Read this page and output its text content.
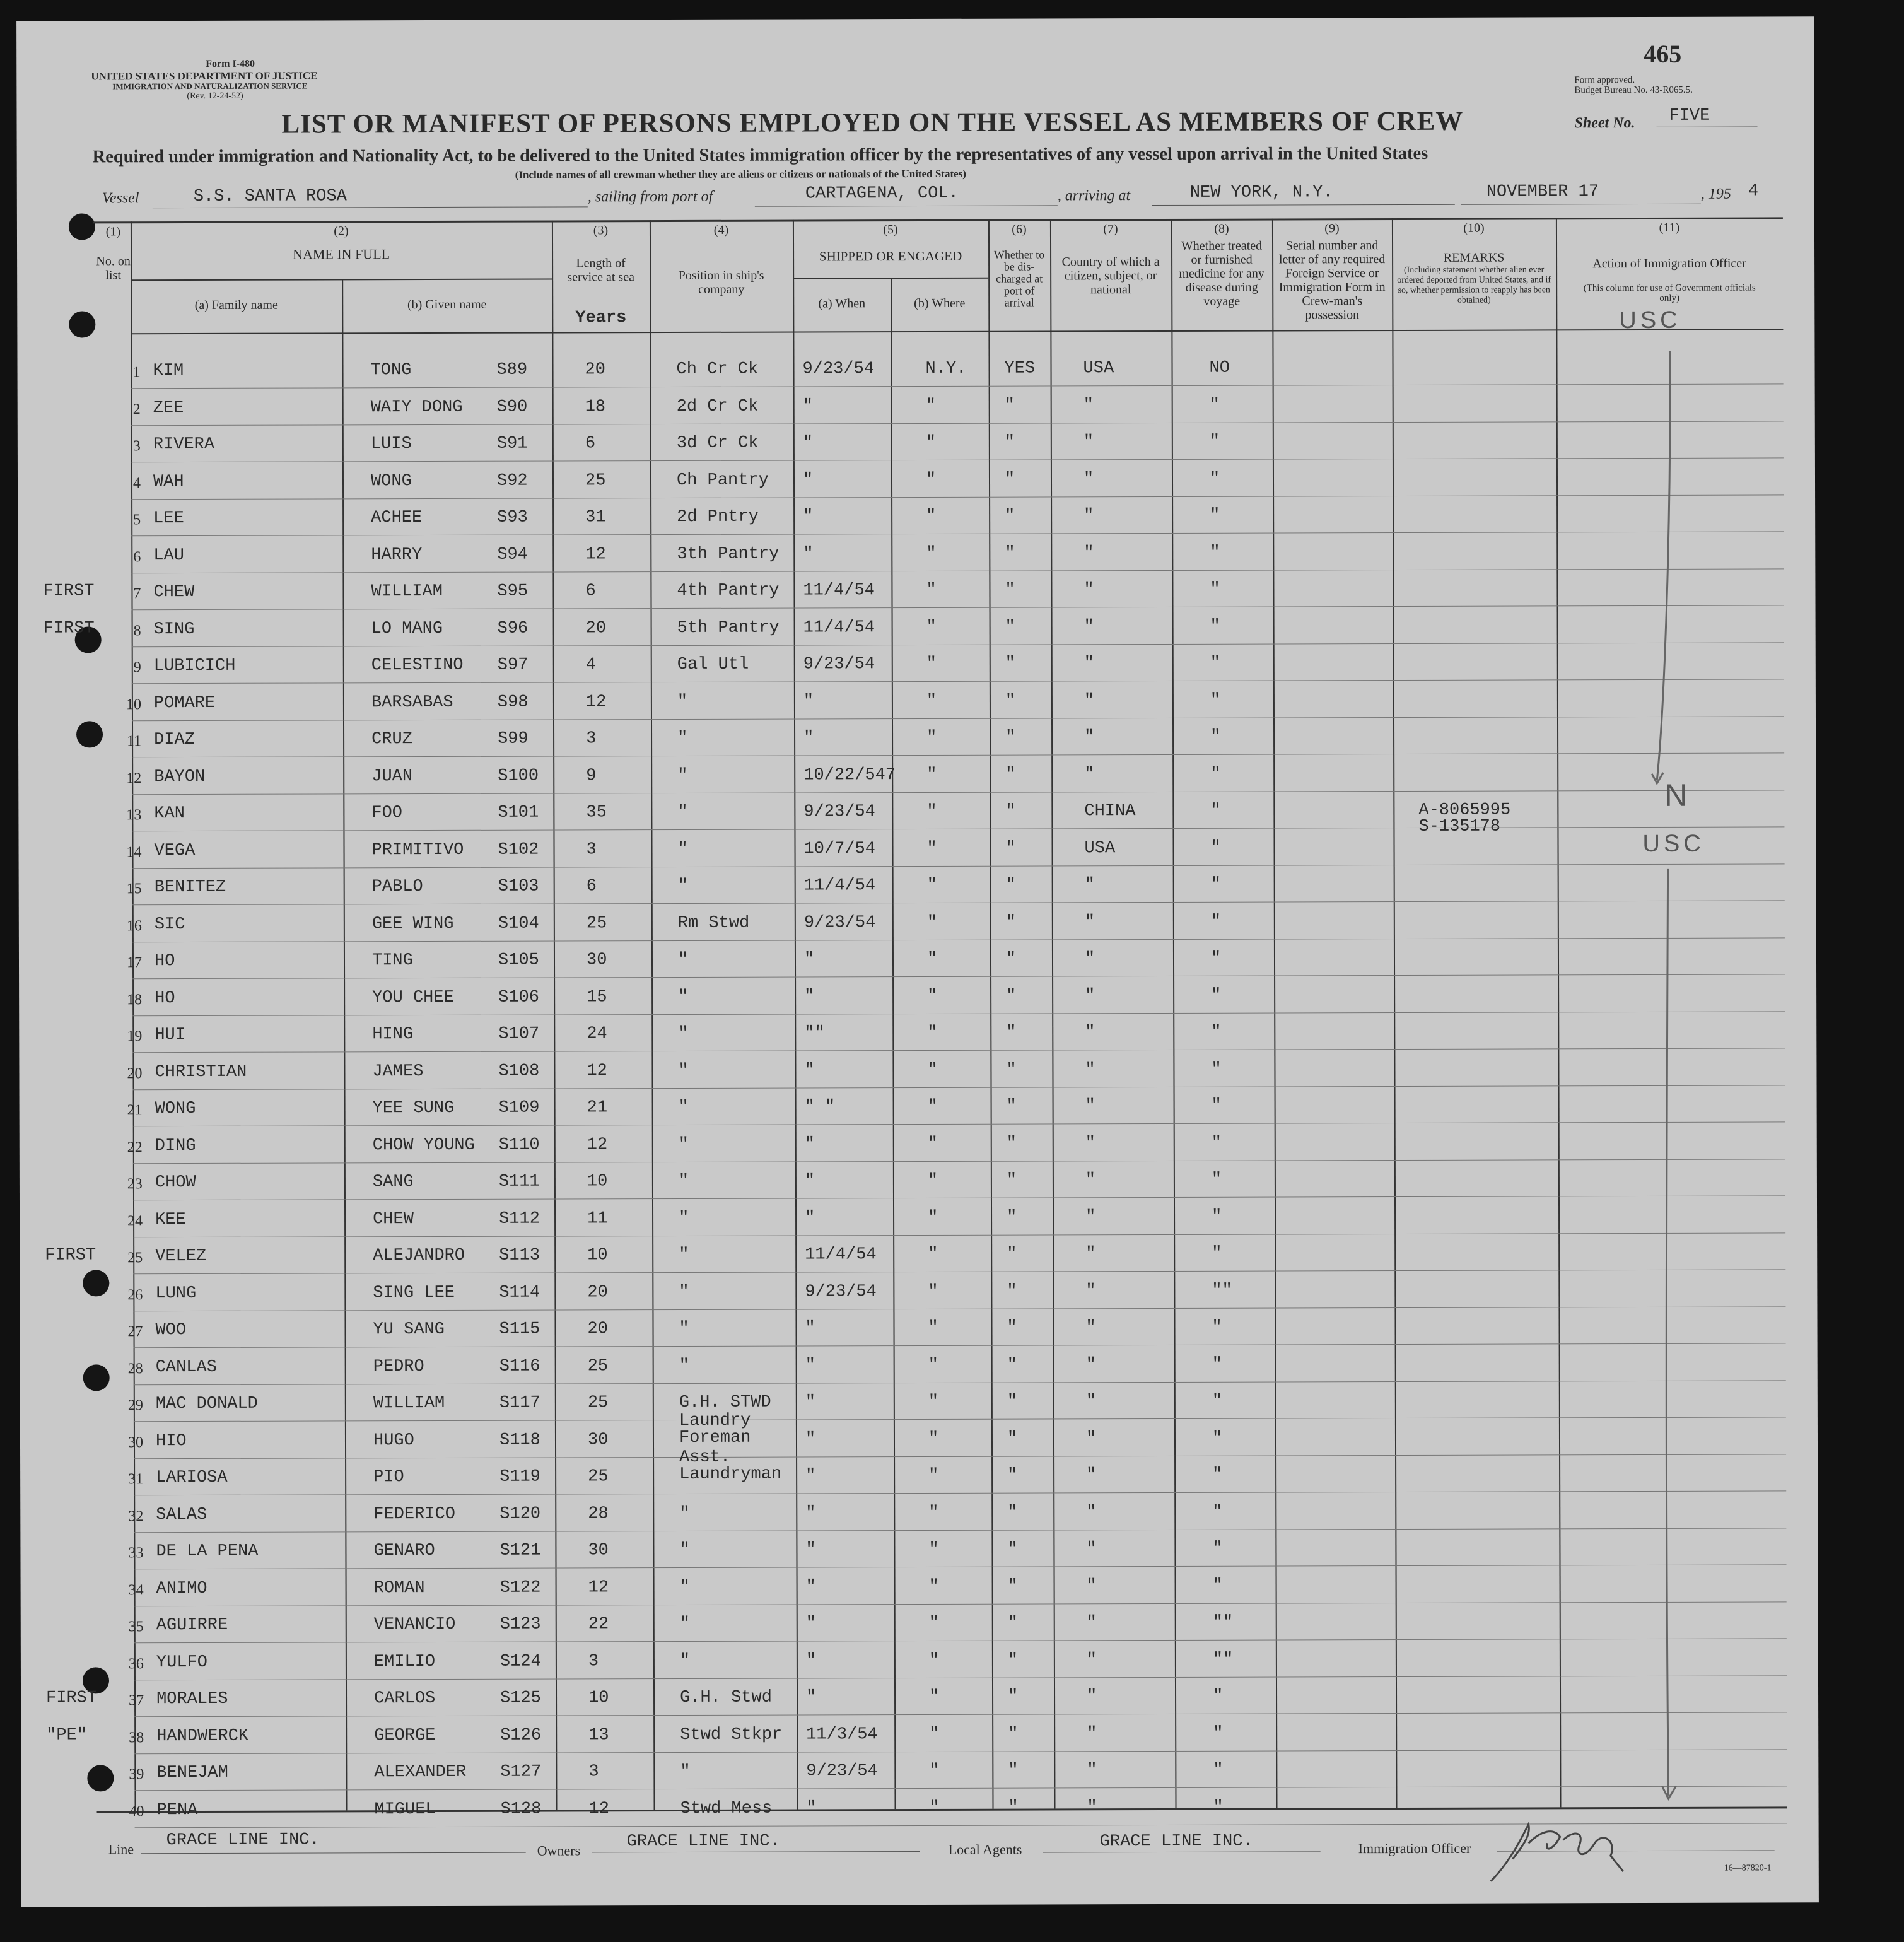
465
Form I-480
UNITED STATES DEPARTMENT OF JUSTICE
IMMIGRATION AND NATURALIZATION SERVICE
(Rev. 12-24-52)
Form approved.
Budget Bureau No. 43-R065.5.
LIST OR MANIFEST OF PERSONS EMPLOYED ON THE VESSEL AS MEMBERS OF CREW	Sheet No. FIVE
Required under immigration and Nationality Act, to be delivered to the United States immigration officer by the representatives of any vessel upon arrival in the United States
(Include names of all crewman whether they are aliens or citizens or nationals of the United States)
Vessel	S.S. SANTA ROSA	, sailing from port of	CARTAGENA, COL.	, arriving at	NEW YORK, N.Y.	NOVEMBER 17	, 195 4
(1)
No. on list
(2)
NAME IN FULL
(a) Family name	(b) Given name
(3)
Length of service at sea
Years
(4)
Position in ship's company
(5)
SHIPPED OR ENGAGED
(a) When	(b) Where
(6)
Whether to be dis-charged at port of arrival
(7)
Country of which a citizen, subject, or national
(8)
Whether treated or furnished medicine for any disease during voyage
(9)
Serial number and letter of any required Foreign Service or Immigration Form in Crew-man's possession
(10)
REMARKS
(Including statement whether alien ever ordered deported from United States, and if so, whether permission to reapply has been obtained)
(11)
Action of Immigration Officer
(This column for use of Government officials only)
1 KIM	TONG	S89	20	Ch Cr Ck	9/23/54	N.Y. YES	USA	NO
2 ZEE	WAIY DONG S90	18	2d Cr Ck	"	"	"	"	"
3 RIVERA	LUIS	S91	6	3d Cr Ck	"	"	"	"	"
4 WAH	WONG	S92	25	Ch Pantry "	"	"	"	"
5 LEE	ACHEE	S93	31	2d Pntry	"	"	"	"	"
6 LAU	HARRY	S94	12	3th Pantry "	"	"	"	"
7
FIRST	CHEW	WILLIAM	S95	6	4th Pantry 11/4/54	"	"	"	"
8
FIRST	SING	LO MANG	S96	20	5th Pantry 11/4/54	"	"	"	"
9 LUBICICH	CELESTINO S97	4	Gal Utl	9/23/54	"	"	"	"
10 POMARE	BARSABAS	S98	12	"	"	"	"	"	"
11 DIAZ	CRUZ	S99	3	"	"	"	"	"	"
12 BAYON	JUAN	S100	9	"	10/22/547 "	"	"	"
13 KAN	FOO	S101	35	"	9/23/54	"	"	CHINA	"	A-8065995
S-135178
14 VEGA	PRIMITIVO S102	3	"	10/7/54	"	"	USA	"
15 BENITEZ	PABLO	S103	6	"	11/4/54	"	"	"	"
16 SIC	GEE WING	S104	25	Rm Stwd	9/23/54	"	"	"	"
17 HO	TING	S105	30	"	"	"	"	"	"
18 HO	YOU CHEE	S106	15	"	"	"	"	"	"
19 HUI	HING	S107	24	"	""	"	"	"	"
20 CHRISTIAN	JAMES	S108	12	"	"	"	"	"	"
21 WONG	YEE SUNG	S109	21	"	" "	"	"	"	"
22 DING	CHOW YOUNG S110	12	"	"	"	"	"	"
23 CHOW	SANG	S111	10	"	"	"	"	"	"
24 KEE	CHEW	S112	11	"	"	"	"	"	"
25
FIRST	VELEZ	ALEJANDRO S113	10	"	11/4/54	"	"	"	"
26 LUNG	SING LEE	S114	20	"	9/23/54	"	"	"	""
27 WOO	YU SANG	S115	20	"	"	"	"	"	"
28 CANLAS	PEDRO	S116	25	"	"	"	"	"	"
29 MAC DONALD	WILLIAM	S117	25	G.H. STWD "	"	"	"	"
30 HIO	HUGO	S118	30
Laundry Foreman	"	"	"	"	"
31 LARIOSA	PIO	S119	25
Asst. Laundryman	"	"	"	"	"
32 SALAS	FEDERICO	S120	28	"	"	"	"	"	"
33 DE LA PENA	GENARO	S121	30	"	"	"	"	"	"
34 ANIMO	ROMAN	S122	12	"	"	"	"	"	"
35 AGUIRRE	VENANCIO	S123	22	"	"	"	"	"	""
36 YULFO	EMILIO	S124	3	"	"	"	"	"	""
37
FIRST	MORALES	CARLOS	S125	10	G.H. Stwd "	"	"	"	"
38
"PE"	HANDWERCK	GEORGE	S126	13	Stwd Stkpr 11/3/54	"	"	"	"
39 BENEJAM	ALEXANDER S127	3	"	9/23/54	"	"	"	"
40 PENA	MIGUEL	S128	12	Stwd Mess "	"	"	"	"
USC
N
USC
Line GRACE LINE INC.
Owners	GRACE LINE INC.	Local Agents	GRACE LINE INC.	Immigration Officer
16—87820-1
